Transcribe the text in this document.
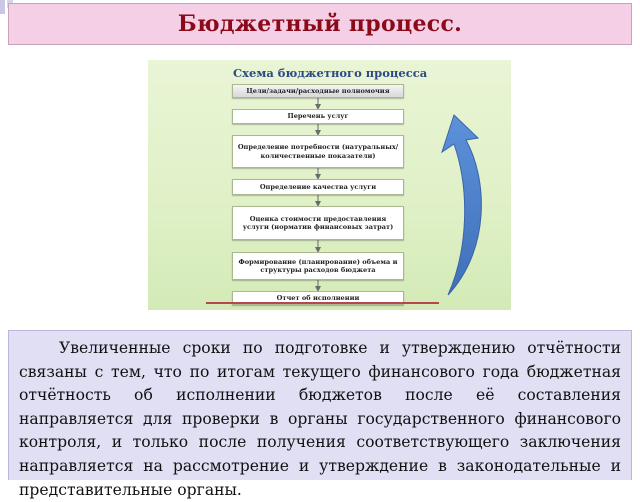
Бюджетный процесс.
Схема бюджетного процесса
Цели/задачи/расходные полномочия
Перечень услуг
Определение потребности (натуральных/количественные показатели)
Определение качества услуги
Оценка стоимости предоставления услуги (норматив финансовых затрат)
Формирование (планирование) объема и структуры расходов бюджета
Отчет об исполнении

Увеличенные сроки по подготовке и утверждению отчётности связаны с тем, что по итогам текущего финансового года бюджетная отчётность об исполнении бюджетов после её составления направляется для проверки в органы государственного финансового контроля, и только после получения соответствующего заключения направляется на рассмотрение и утверждение в законодательные и представительные органы.
